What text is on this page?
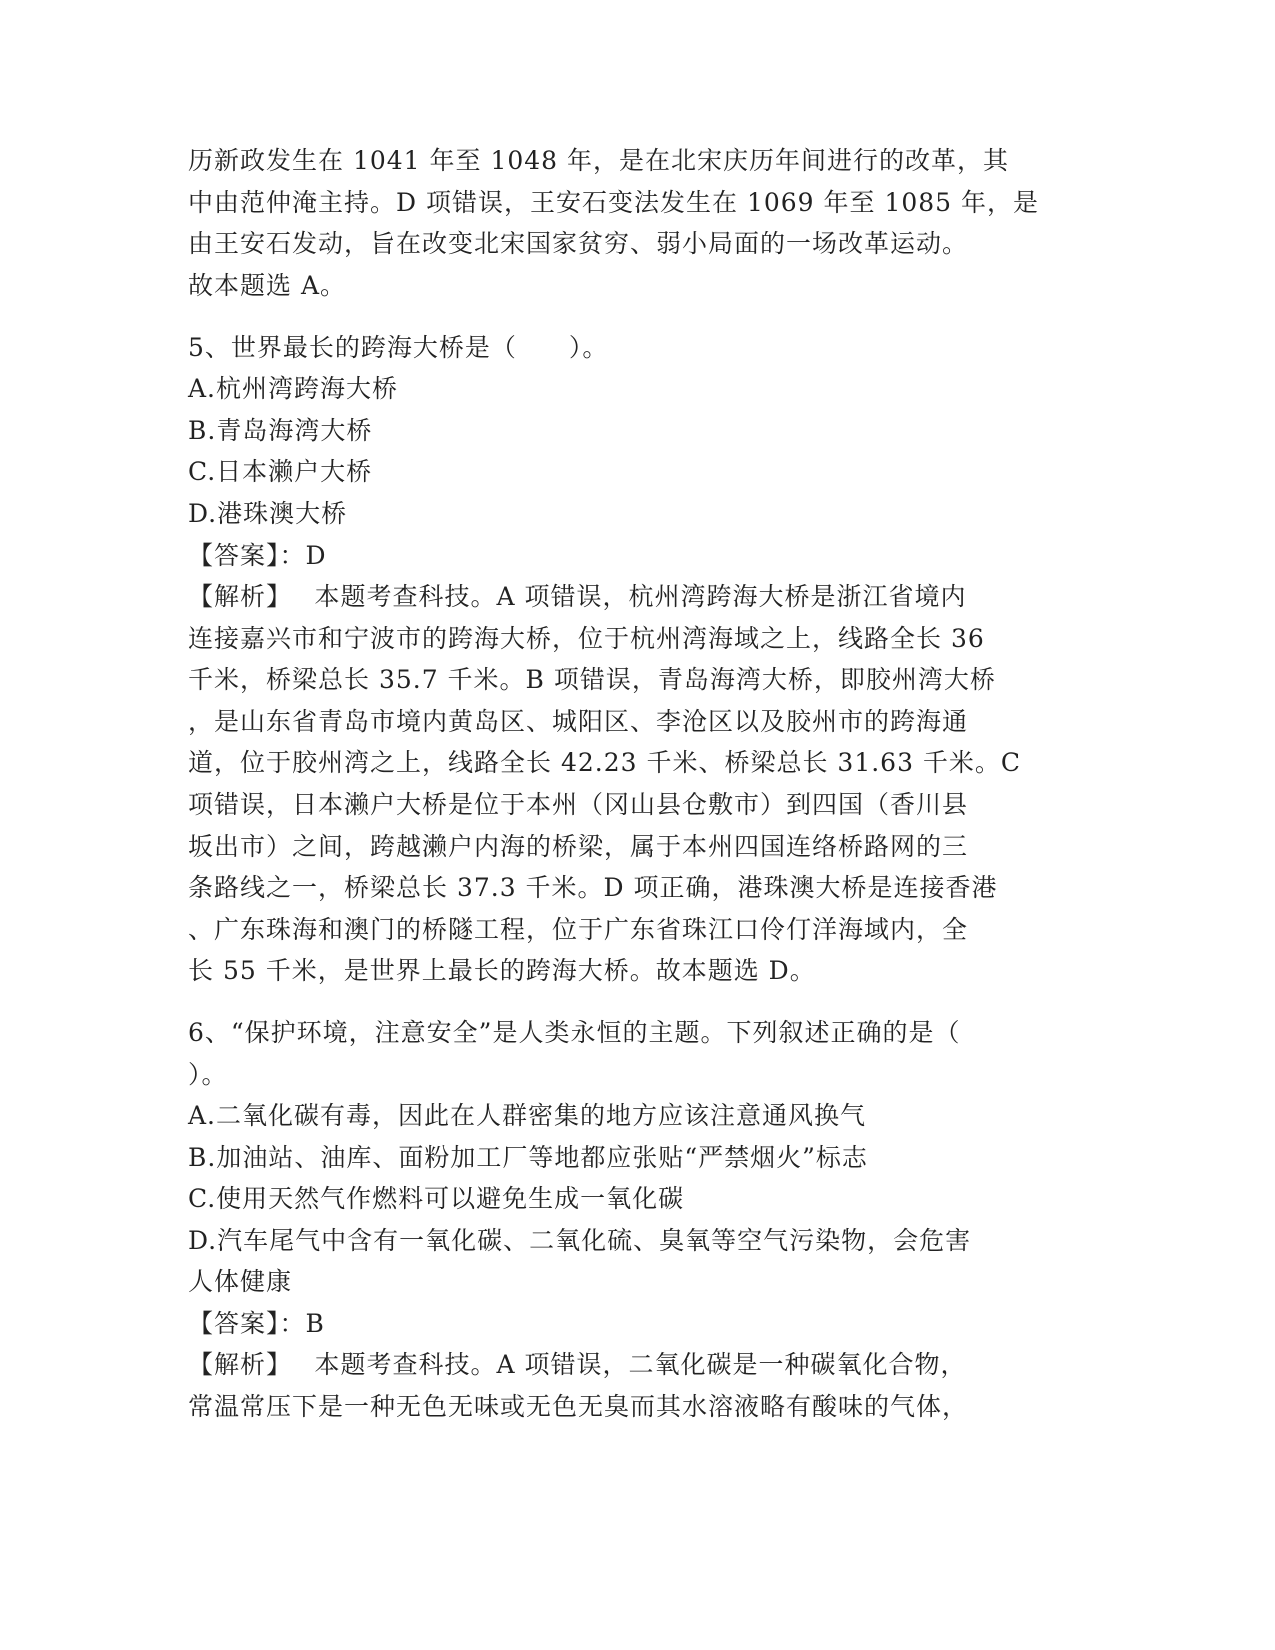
历新政发生在 1041 年至 1048 年，是在北宋庆历年间进行的改革，其
中由范仲淹主持。D 项错误，王安石变法发生在 1069 年至 1085 年，是
由王安石发动，旨在改变北宋国家贫穷、弱小局面的一场改革运动。
故本题选 A。
5、世界最长的跨海大桥是（　　）。
A.杭州湾跨海大桥
B.青岛海湾大桥
C.日本濑户大桥
D.港珠澳大桥
【答案】：D
【解析】　 本题考查科技。A 项错误，杭州湾跨海大桥是浙江省境内
连接嘉兴市和宁波市的跨海大桥，位于杭州湾海域之上，线路全长 36
千米，桥梁总长 35.7 千米。B 项错误，青岛海湾大桥，即胶州湾大桥
，是山东省青岛市境内黄岛区、城阳区、李沧区以及胶州市的跨海通
道，位于胶州湾之上，线路全长 42.23 千米、桥梁总长 31.63 千米。C
项错误，日本濑户大桥是位于本州（冈山县仓敷市）到四国（香川县
坂出市）之间，跨越濑户内海的桥梁，属于本州四国连络桥路网的三
条路线之一，桥梁总长 37.3 千米。D 项正确，港珠澳大桥是连接香港
、广东珠海和澳门的桥隧工程，位于广东省珠江口伶仃洋海域内，全
长 55 千米，是世界上最长的跨海大桥。故本题选 D。
6、“保护环境，注意安全”是人类永恒的主题。下列叙述正确的是（
）。
A.二氧化碳有毒，因此在人群密集的地方应该注意通风换气
B.加油站、油库、面粉加工厂等地都应张贴“严禁烟火”标志
C.使用天然气作燃料可以避免生成一氧化碳
D.汽车尾气中含有一氧化碳、二氧化硫、臭氧等空气污染物，会危害
人体健康
【答案】：B
【解析】　 本题考查科技。A 项错误，二氧化碳是一种碳氧化合物，
常温常压下是一种无色无味或无色无臭而其水溶液略有酸味的气体，
